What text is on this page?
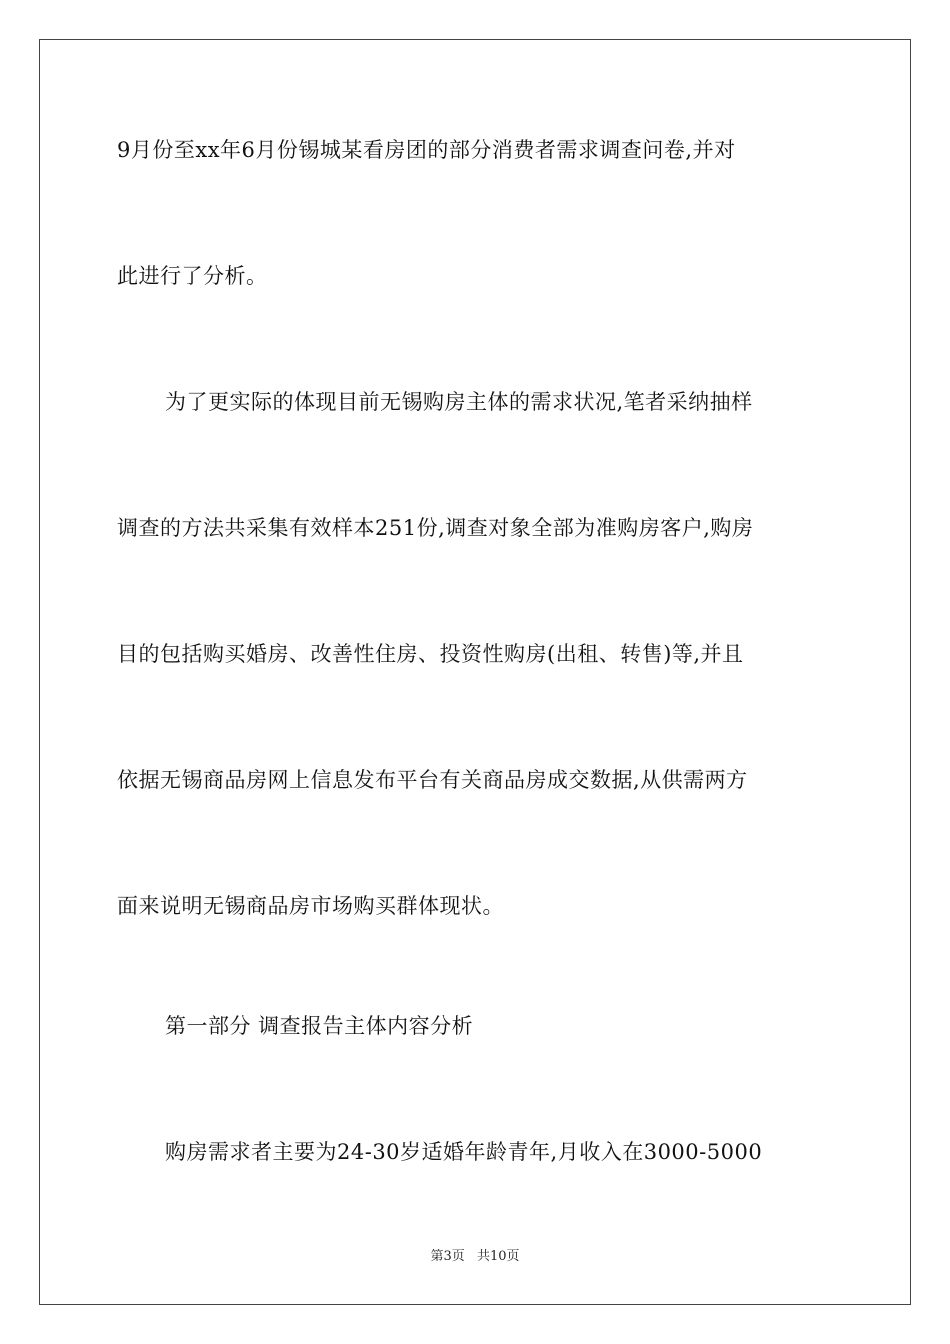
9月份至xx年6月份锡城某看房团的部分消费者需求调查问卷,并对
此进行了分析。
为了更实际的体现目前无锡购房主体的需求状况,笔者采纳抽样
调查的方法共采集有效样本251份,调查对象全部为准购房客户,购房
目的包括购买婚房、改善性住房、投资性购房(出租、转售)等,并且
依据无锡商品房网上信息发布平台有关商品房成交数据,从供需两方
面来说明无锡商品房市场购买群体现状。
第一部分 调查报告主体内容分析
购房需求者主要为24-30岁适婚年龄青年,月收入在3000-5000
第3页 共10页
